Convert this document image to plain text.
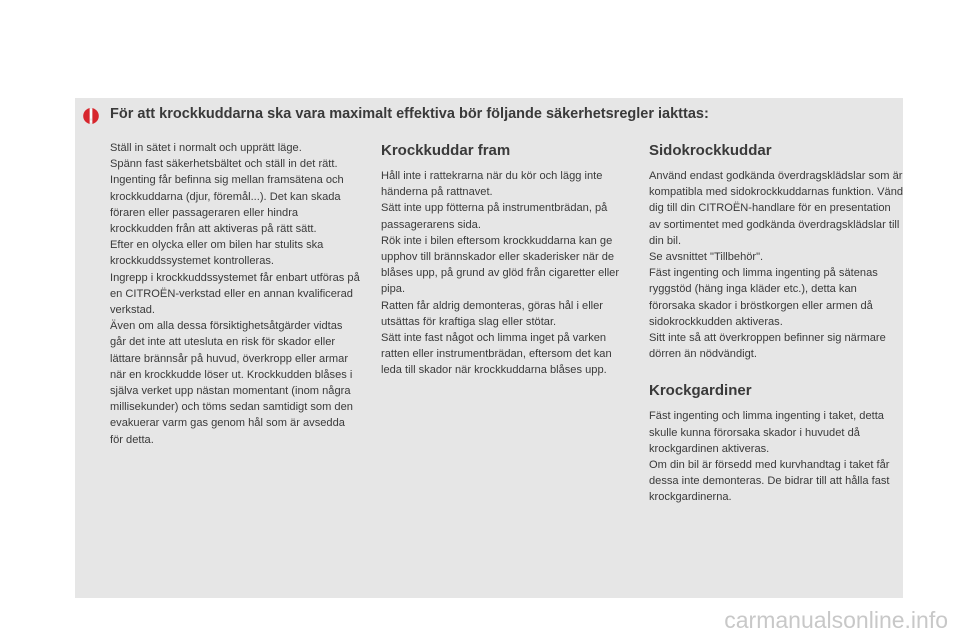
För att krockkuddarna ska vara maximalt effektiva bör följande säkerhetsregler iakttas:

Ställ in sätet i normalt och upprätt läge.

Spänn fast säkerhetsbältet och ställ in det rätt.

Ingenting får befinna sig mellan framsätena och krockkuddarna (djur, föremål...). Det kan skada föraren eller passageraren eller hindra krockkudden från att aktiveras på rätt sätt.

Efter en olycka eller om bilen har stulits ska krockkuddssystemet kontrolleras.

Ingrepp i krockkuddssystemet får enbart utföras på en CITROËN-verkstad eller en annan kvalificerad verkstad.

Även om alla dessa försiktighetsåtgärder vidtas går det inte att utesluta en risk för skador eller lättare brännsår på huvud, överkropp eller armar när en krockkudde löser ut. Krockkudden blåses i själva verket upp nästan momentant (inom några millisekunder) och töms sedan samtidigt som den evakuerar varm gas genom hål som är avsedda för detta.

Krockkuddar fram

Håll inte i rattekrarna när du kör och lägg inte händerna på rattnavet.

Sätt inte upp fötterna på instrumentbrädan, på passagerarens sida.

Rök inte i bilen eftersom krockkuddarna kan ge upphov till brännskador eller skaderisker när de blåses upp, på grund av glöd från cigaretter eller pipa.

Ratten får aldrig demonteras, göras hål i eller utsättas för kraftiga slag eller stötar.

Sätt inte fast något och limma inget på varken ratten eller instrumentbrädan, eftersom det kan leda till skador när krockkuddarna blåses upp.

Sidokrockkuddar

Använd endast godkända överdragsklädslar som är kompatibla med sidokrockkuddarnas funktion. Vänd dig till din CITROËN-handlare för en presentation av sortimentet med godkända överdragsklädslar till din bil.

Se avsnittet "Tillbehör".

Fäst ingenting och limma ingenting på sätenas ryggstöd (häng inga kläder etc.), detta kan förorsaka skador i bröstkorgen eller armen då sidokrockkudden aktiveras.

Sitt inte så att överkroppen befinner sig närmare dörren än nödvändigt.

Krockgardiner

Fäst ingenting och limma ingenting i taket, detta skulle kunna förorsaka skador i huvudet då krockgardinen aktiveras.

Om din bil är försedd med kurvhandtag i taket får dessa inte demonteras. De bidrar till att hålla fast krockgardinerna.

carmanualsonline.info
